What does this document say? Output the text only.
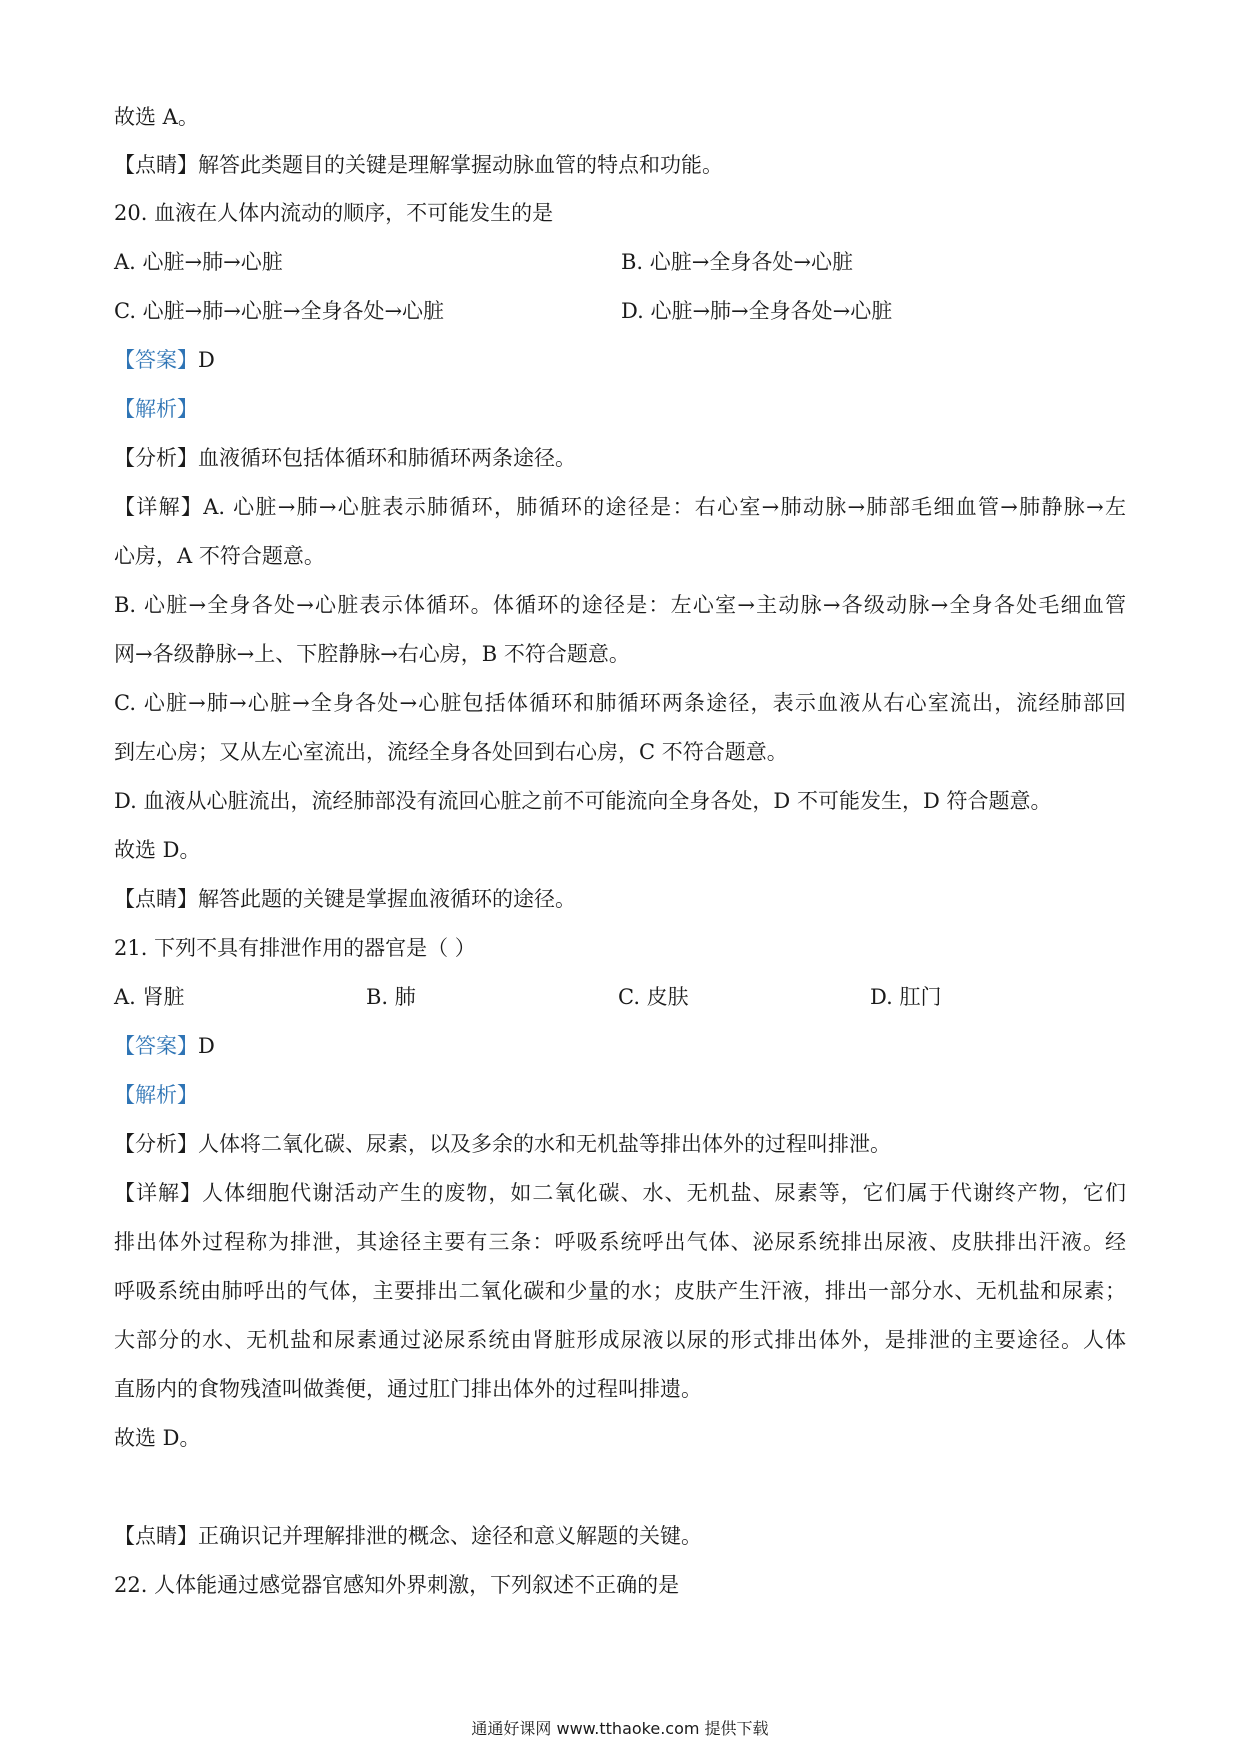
故选 A。
【点睛】解答此类题目的关键是理解掌握动脉血管的特点和功能。
20. 血液在人体内流动的顺序，不可能发生的是
A. 心脏→肺→心脏	B. 心脏→全身各处→心脏
C. 心脏→肺→心脏→全身各处→心脏	D. 心脏→肺→全身各处→心脏
【答案】D
【解析】
【分析】血液循环包括体循环和肺循环两条途径。
【详解】A. 心脏→肺→心脏表示肺循环，肺循环的途径是：右心室→肺动脉→肺部毛细血管→肺静脉→左
心房，A 不符合题意。
B. 心脏→全身各处→心脏表示体循环。体循环的途径是：左心室→主动脉→各级动脉→全身各处毛细血管
网→各级静脉→上、下腔静脉→右心房，B 不符合题意。
C. 心脏→肺→心脏→全身各处→心脏包括体循环和肺循环两条途径，表示血液从右心室流出，流经肺部回
到左心房；又从左心室流出，流经全身各处回到右心房，C 不符合题意。
D. 血液从心脏流出，流经肺部没有流回心脏之前不可能流向全身各处，D 不可能发生，D 符合题意。
故选 D。
【点睛】解答此题的关键是掌握血液循环的途径。
21. 下列不具有排泄作用的器官是（ ）
A. 肾脏	B. 肺	C. 皮肤	D. 肛门
【答案】D
【解析】
【分析】人体将二氧化碳、尿素，以及多余的水和无机盐等排出体外的过程叫排泄。
【详解】人体细胞代谢活动产生的废物，如二氧化碳、水、无机盐、尿素等，它们属于代谢终产物，它们
排出体外过程称为排泄，其途径主要有三条：呼吸系统呼出气体、泌尿系统排出尿液、皮肤排出汗液。经
呼吸系统由肺呼出的气体，主要排出二氧化碳和少量的水；皮肤产生汗液，排出一部分水、无机盐和尿素；
大部分的水、无机盐和尿素通过泌尿系统由肾脏形成尿液以尿的形式排出体外，是排泄的主要途径。人体
直肠内的食物残渣叫做粪便，通过肛门排出体外的过程叫排遗。
故选 D。
【点睛】正确识记并理解排泄的概念、途径和意义解题的关键。
22. 人体能通过感觉器官感知外界刺激，下列叙述不正确的是
通通好课网 www.tthaoke.com 提供下载
